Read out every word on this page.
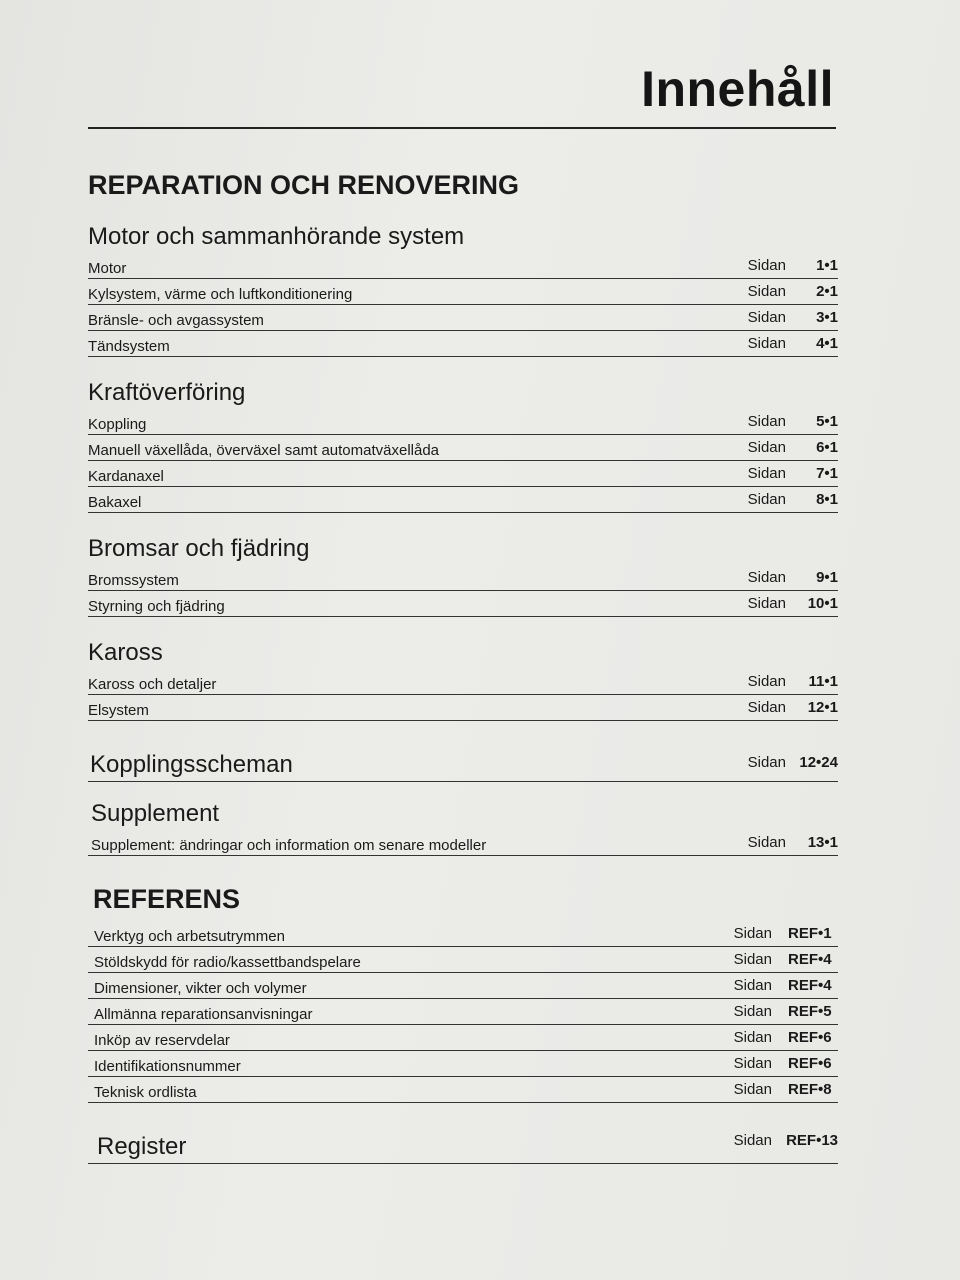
Innehåll
REPARATION OCH RENOVERING
Motor och sammanhörande system
Motor	Sidan	1•1
Kylsystem, värme och luftkonditionering	Sidan	2•1
Bränsle- och avgassystem	Sidan	3•1
Tändsystem	Sidan	4•1
Kraftöverföring
Koppling	Sidan	5•1
Manuell växellåda, överväxel samt automatväxellåda	Sidan	6•1
Kardanaxel	Sidan	7•1
Bakaxel	Sidan	8•1
Bromsar och fjädring
Bromssystem	Sidan	9•1
Styrning och fjädring	Sidan	10•1
Kaross
Kaross och detaljer	Sidan	11•1
Elsystem	Sidan	12•1
Kopplingsscheman	Sidan 12•24
Supplement
Supplement: ändringar och information om senare modeller	Sidan	13•1
REFERENS
Verktyg och arbetsutrymmen	Sidan REF•1
Stöldskydd för radio/kassettbandspelare	Sidan REF•4
Dimensioner, vikter och volymer	Sidan REF•4
Allmänna reparationsanvisningar	Sidan REF•5
Inköp av reservdelar	Sidan REF•6
Identifikationsnummer	Sidan REF•6
Teknisk ordlista	Sidan REF•8
Register	Sidan REF•13
